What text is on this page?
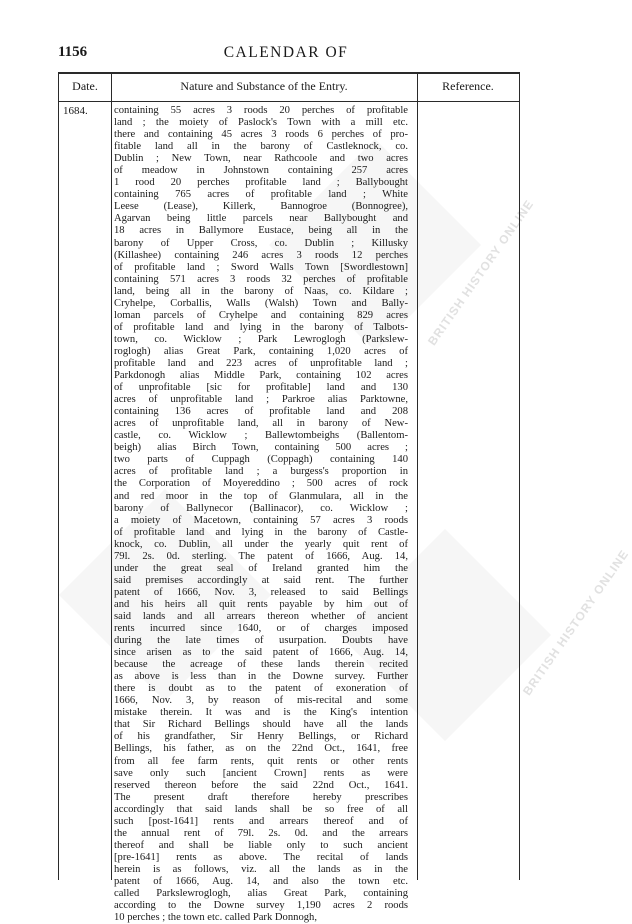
1156	CALENDAR OF
BRITISH HISTORY ONLINE
BRITISH HISTORY ONLINE
Date.	Nature and Substance of the Entry.	Reference.
1684.	containing 55 acres 3 roods 20 perches of profitable
land ; the moiety of Paslock's Town with a mill etc.
there and containing 45 acres 3 roods 6 perches of pro-
fitable land all in the barony of Castleknock, co.
Dublin ; New Town, near Rathcoole and two acres
of meadow in Johnstown containing 257 acres
1 rood 20 perches profitable land ; Ballybought
containing 765 acres of profitable land ; White
Leese (Lease), Killerk, Bannogroe (Bonnogree),
Agarvan being little parcels near Ballybought and
18 acres in Ballymore Eustace, being all in the
barony of Upper Cross, co. Dublin ; Killusky
(Killashee) containing 246 acres 3 roods 12 perches
of profitable land ; Sword Walls Town [Swordlestown]
containing 571 acres 3 roods 32 perches of profitable
land, being all in the barony of Naas, co. Kildare ;
Cryhelpe, Corballis, Walls (Walsh) Town and Bally-
loman parcels of Cryhelpe and containing 829 acres
of profitable land and lying in the barony of Talbots-
town, co. Wicklow ; Park Lewroglogh (Parkslew-
roglogh) alias Great Park, containing 1,020 acres of
profitable land and 223 acres of unprofitable land ;
Parkdonogh alias Middle Park, containing 102 acres
of unprofitable [sic for profitable] land and 130
acres of unprofitable land ; Parkroe alias Parktowne,
containing 136 acres of profitable land and 208
acres of unprofitable land, all in barony of New-
castle, co. Wicklow ; Ballewtombeighs (Ballentom-
beigh) alias Birch Town, containing 500 acres ;
two parts of Cuppagh (Coppagh) containing 140
acres of profitable land ; a burgess's proportion in
the Corporation of Moyereddino ; 500 acres of rock
and red moor in the top of Glanmulara, all in the
barony of Ballynecor (Ballinacor), co. Wicklow ;
a moiety of Macetown, containing 57 acres 3 roods
of profitable land and lying in the barony of Castle-
knock, co. Dublin, all under the yearly quit rent of
79l. 2s. 0d. sterling. The patent of 1666, Aug. 14,
under the great seal of Ireland granted him the
said premises accordingly at said rent. The further
patent of 1666, Nov. 3, released to said Bellings
and his heirs all quit rents payable by him out of
said lands and all arrears thereon whether of ancient
rents incurred since 1640, or of charges imposed
during the late times of usurpation. Doubts have
since arisen as to the said patent of 1666, Aug. 14,
because the acreage of these lands therein recited
as above is less than in the Downe survey. Further
there is doubt as to the patent of exoneration of
1666, Nov. 3, by reason of mis-recital and some
mistake therein. It was and is the King's intention
that Sir Richard Bellings should have all the lands
of his grandfather, Sir Henry Bellings, or Richard
Bellings, his father, as on the 22nd Oct., 1641, free
from all fee farm rents, quit rents or other rents
save only such [ancient Crown] rents as were
reserved thereon before the said 22nd Oct., 1641.
The present draft therefore hereby prescribes
accordingly that said lands shall be so free of all
such [post-1641] rents and arrears thereof and of
the annual rent of 79l. 2s. 0d. and the arrears
thereof and shall be liable only to such ancient
[pre-1641] rents as above. The recital of lands
herein is as follows, viz. all the lands as in the
patent of 1666, Aug. 14, and also the town etc.
called Parkslewroglogh, alias Great Park, containing
according to the Downe survey 1,190 acres 2 roods
10 perches ; the town etc. called Park Donnogh,
